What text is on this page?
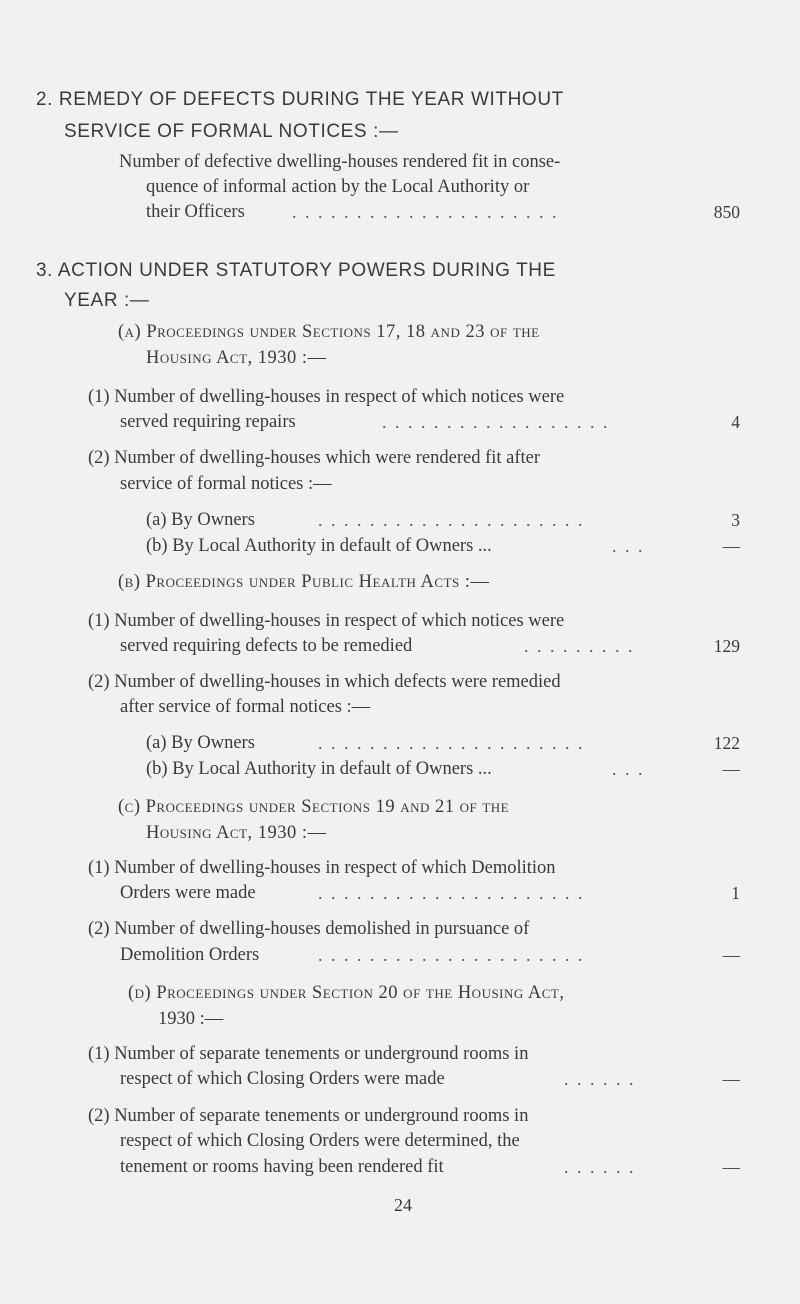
2. REMEDY OF DEFECTS DURING THE YEAR WITHOUT
SERVICE OF FORMAL NOTICES :—
Number of defective dwelling-houses rendered fit in conse-
quence of informal action by the Local Authority or
their Officers	. . . . . . . . . . . . . . . . . . . . .	850
3. ACTION UNDER STATUTORY POWERS DURING THE
YEAR :—
(a) Proceedings under Sections 17, 18 and 23 of the
Housing Act, 1930 :—
(1) Number of dwelling-houses in respect of which notices were
served requiring repairs	. . . . . . . . . . . . . . . . . .	4
(2) Number of dwelling-houses which were rendered fit after
service of formal notices :—
(a) By Owners	. . . . . . . . . . . . . . . . . . . . .	3
(b) By Local Authority in default of Owners ...	. . .	—
(b) Proceedings under Public Health Acts :—
(1) Number of dwelling-houses in respect of which notices were
served requiring defects to be remedied	. . . . . . . . .	129
(2) Number of dwelling-houses in which defects were remedied
after service of formal notices :—
(a) By Owners	. . . . . . . . . . . . . . . . . . . . .	122
(b) By Local Authority in default of Owners ...	. . .	—
(c) Proceedings under Sections 19 and 21 of the
Housing Act, 1930 :—
(1) Number of dwelling-houses in respect of which Demolition
Orders were made	. . . . . . . . . . . . . . . . . . . . .	1
(2) Number of dwelling-houses demolished in pursuance of
Demolition Orders	. . . . . . . . . . . . . . . . . . . . .	—
(d) Proceedings under Section 20 of the Housing Act,
1930 :—
(1) Number of separate tenements or underground rooms in
respect of which Closing Orders were made	. . . . . .	—
(2) Number of separate tenements or underground rooms in
respect of which Closing Orders were determined, the
tenement or rooms having been rendered fit	. . . . . .	—
24
